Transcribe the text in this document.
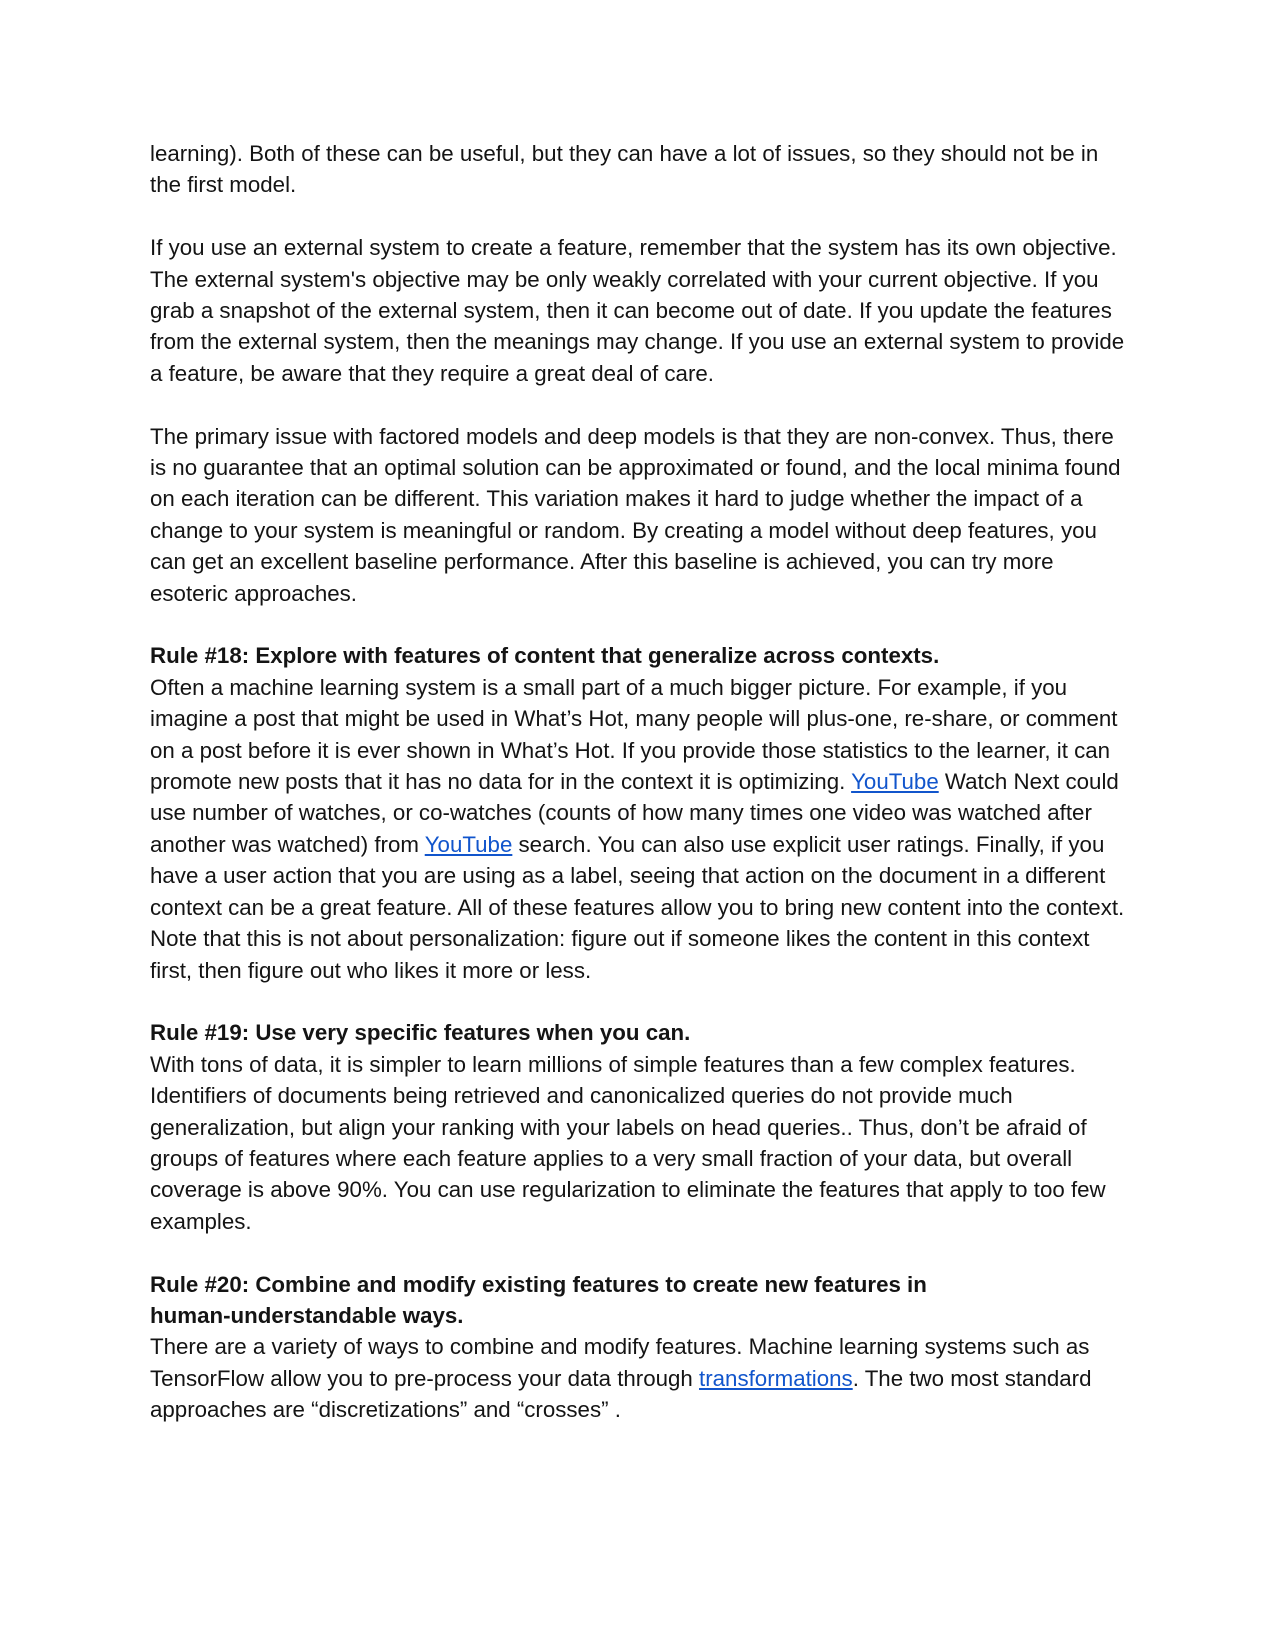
learning). Both of these can be useful, but they can have a lot of issues, so they should not be in the first model.

If you use an external system to create a feature, remember that the system has its own objective. The external system's objective may be only weakly correlated with your current objective. If you grab a snapshot of the external system, then it can become out of date. If you update the features from the external system, then the meanings may change. If you use an external system to provide a feature, be aware that they require a great deal of care.

The primary issue with factored models and deep models is that they are non-convex. Thus, there is no guarantee that an optimal solution can be approximated or found, and the local minima found on each iteration can be different. This variation makes it hard to judge whether the impact of a change to your system is meaningful or random. By creating a model without deep features, you can get an excellent baseline performance. After this baseline is achieved, you can try more esoteric approaches.

Rule #18: Explore with features of content that generalize across contexts.

Often a machine learning system is a small part of a much bigger picture. For example, if you imagine a post that might be used in What’s Hot, many people will plus-one, re-share, or comment on a post before it is ever shown in What’s Hot. If you provide those statistics to the learner, it can promote new posts that it has no data for in the context it is optimizing. YouTube Watch Next could use number of watches, or co-watches (counts of how many times one video was watched after another was watched) from YouTube search. You can also use explicit user ratings. Finally, if you have a user action that you are using as a label, seeing that action on the document in a different context can be a great feature. All of these features allow you to bring new content into the context. Note that this is not about personalization: figure out if someone likes the content in this context first, then figure out who likes it more or less.

Rule #19: Use very specific features when you can.

With tons of data, it is simpler to learn millions of simple features than a few complex features. Identifiers of documents being retrieved and canonicalized queries do not provide much generalization, but align your ranking with your labels on head queries.. Thus, don’t be afraid of groups of features where each feature applies to a very small fraction of your data, but overall coverage is above 90%. You can use regularization to eliminate the features that apply to too few examples.

Rule #20: Combine and modify existing features to create new features in
human-understandable ways.

There are a variety of ways to combine and modify features. Machine learning systems such as TensorFlow allow you to pre-process your data through transformations. The two most standard approaches are “discretizations” and “crosses” .
